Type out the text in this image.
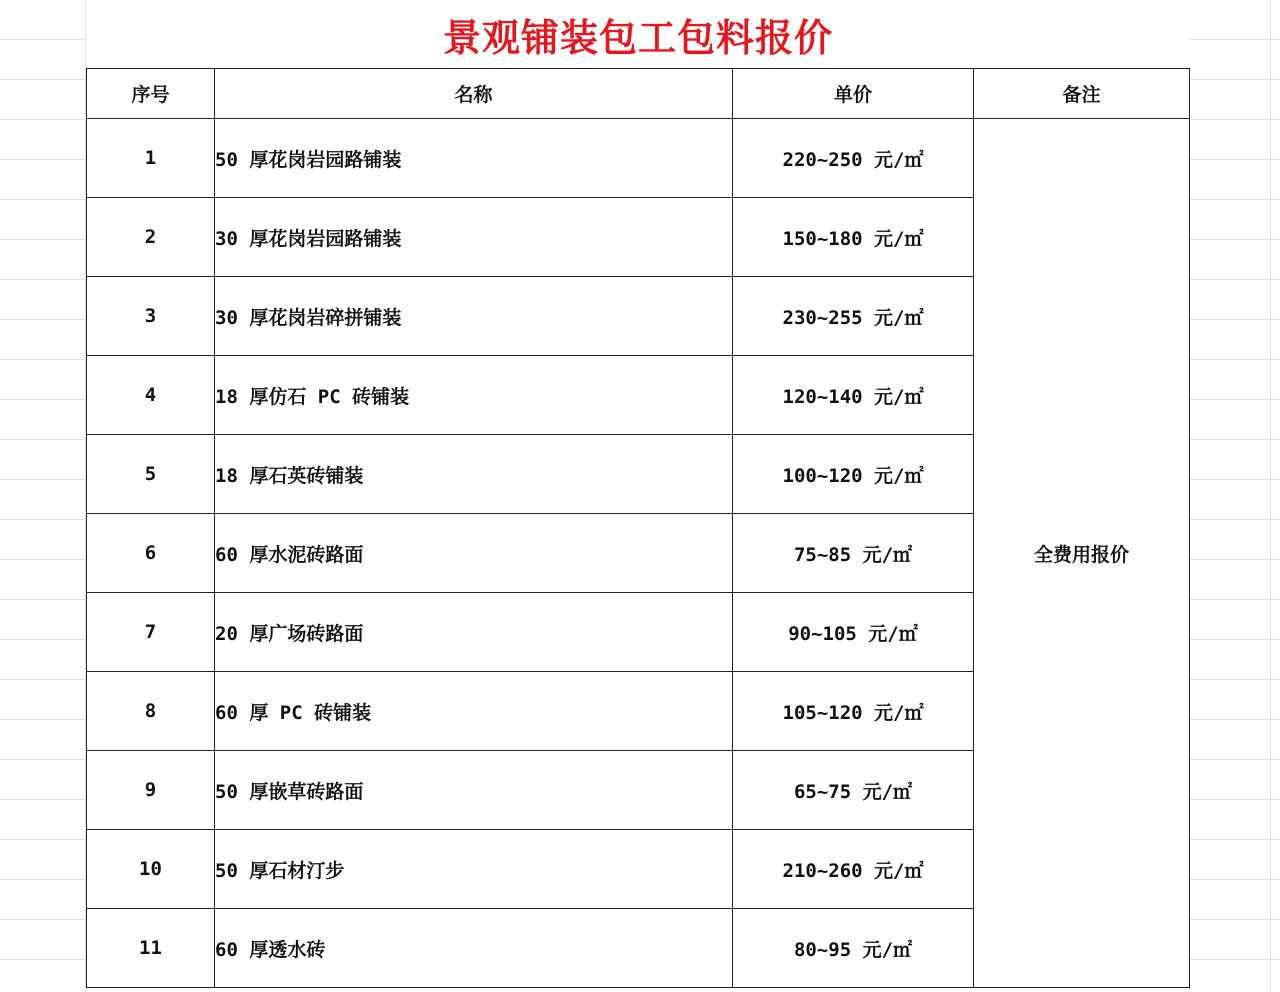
景观铺装包工包料报价
序号	名称	单价	备注
1	50 厚花岗岩园路铺装	220~250 元/㎡	全费用报价
2	30 厚花岗岩园路铺装	150~180 元/㎡	
3	30 厚花岗岩碎拼铺装	230~255 元/㎡	
4	18 厚仿石 PC 砖铺装	120~140 元/㎡	
5	18 厚石英砖铺装	100~120 元/㎡	
6	60 厚水泥砖路面	75~85 元/㎡	
7	20 厚广场砖路面	90~105 元/㎡	
8	60 厚 PC 砖铺装	105~120 元/㎡	
9	50 厚嵌草砖路面	65~75 元/㎡	
10	50 厚石材汀步	210~260 元/㎡	
11	60 厚透水砖	80~95 元/㎡	
